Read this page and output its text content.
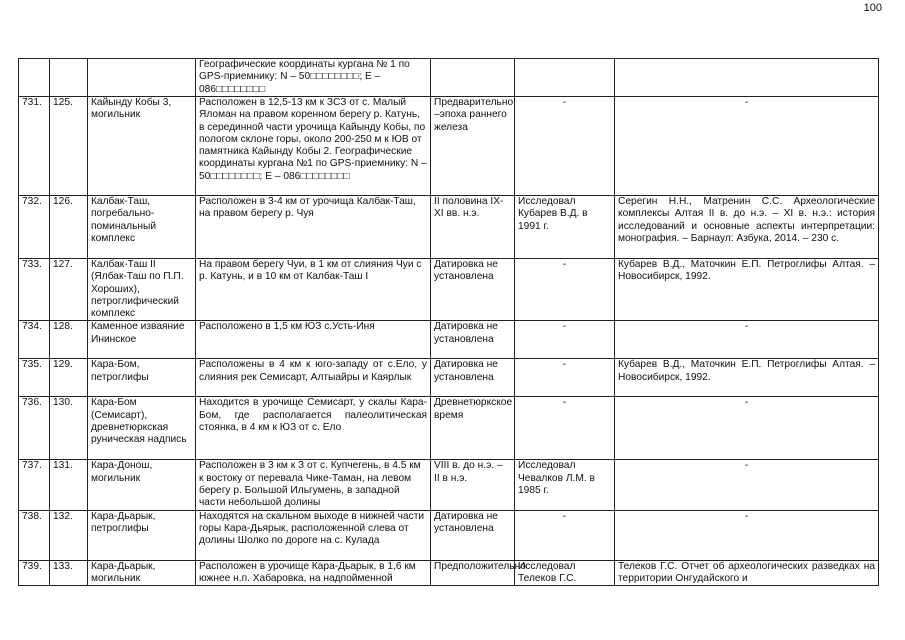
100
			Географические координаты кургана № 1 по GPS-приемнику: N – 50□□□□□□□□; E – 086□□□□□□□□			
731.	125.	Кайынду Кобы 3, могильник	Расположен в 12,5-13 км к ЗСЗ от с. Малый Яломан на правом коренном берегу р. Катунь, в серединной части урочища Кайынду Кобы, по пологом склоне горы, около 200-250 м к ЮВ от памятника Кайынду Кобы 2. Географические координаты кургана №1 по GPS-приемнику: N – 50□□□□□□□□; E – 086□□□□□□□□	Предварительно –эпоха раннего железа	-	-
732.	126.	Калбак-Таш, погребально-поминальный комплекс	Расположен в 3-4 км от урочища Калбак-Таш, на правом берегу р. Чуя	II половина IX-XI вв. н.э.	Исследовал Кубарев В.Д. в 1991 г.	Серегин Н.Н., Матренин С.С. Археологические комплексы Алтая II в. до н.э. – XI в. н.э.: история исследований и основные аспекты интерпретации: монография. – Барнаул: Азбука, 2014. – 230 с.
733.	127.	Калбак-Таш II (Ялбак-Таш по П.П. Хороших), петроглифический комплекс	На правом берегу Чуи, в 1 км от слияния Чуи с р. Катунь, и в 10 км от Калбак-Таш I	Датировка не установлена	-	Кубарев В.Д., Маточкин Е.П. Петроглифы Алтая. – Новосибирск, 1992.
734.	128.	Каменное изваяние Ининское	Расположено в 1,5 км ЮЗ с.Усть-Иня	Датировка не установлена	-	-
735.	129.	Кара-Бом, петроглифы	Расположены в 4 км к юго-западу от с.Ело, у слияния рек Семисарт, Алтыайры и Каярлык	Датировка не установлена	-	Кубарев В.Д., Маточкин Е.П. Петроглифы Алтая. – Новосибирск, 1992.
736.	130.	Кара-Бом (Семисарт), древнетюркская руническая надпись	Находится в урочище Семисарт, у скалы Кара-Бом, где располагается палеолитическая стоянка, в 4 км к ЮЗ от с. Ело	Древнетюркское время	-	-
737.	131.	Кара-Донош, могильник	Расположен в 3 км к З от с. Купчегень, в 4.5 км к востоку от перевала Чике-Таман, на левом берегу р. Большой Ильгумень, в западной части небольшой долины	VIII в. до н.э. – II в н.э.	Исследовал Чевалков Л.М. в 1985 г.	-
738.	132.	Кара-Дьарык, петроглифы	Находятся на скальном выходе в нижней части горы Кара-Дьярык, расположенной слева от долины Шолко по дороге на с. Кулада	Датировка не установлена	-	-
739.	133.	Кара-Дьарык, могильник	Расположен в урочище Кара-Дьарык, в 1,6 км южнее н.п. Хабаровка, на надпойменной	Предположительно	Исследовал Телеков Г.С.	Телеков Г.С. Отчет об археологических разведках на территории Онгудайского и
